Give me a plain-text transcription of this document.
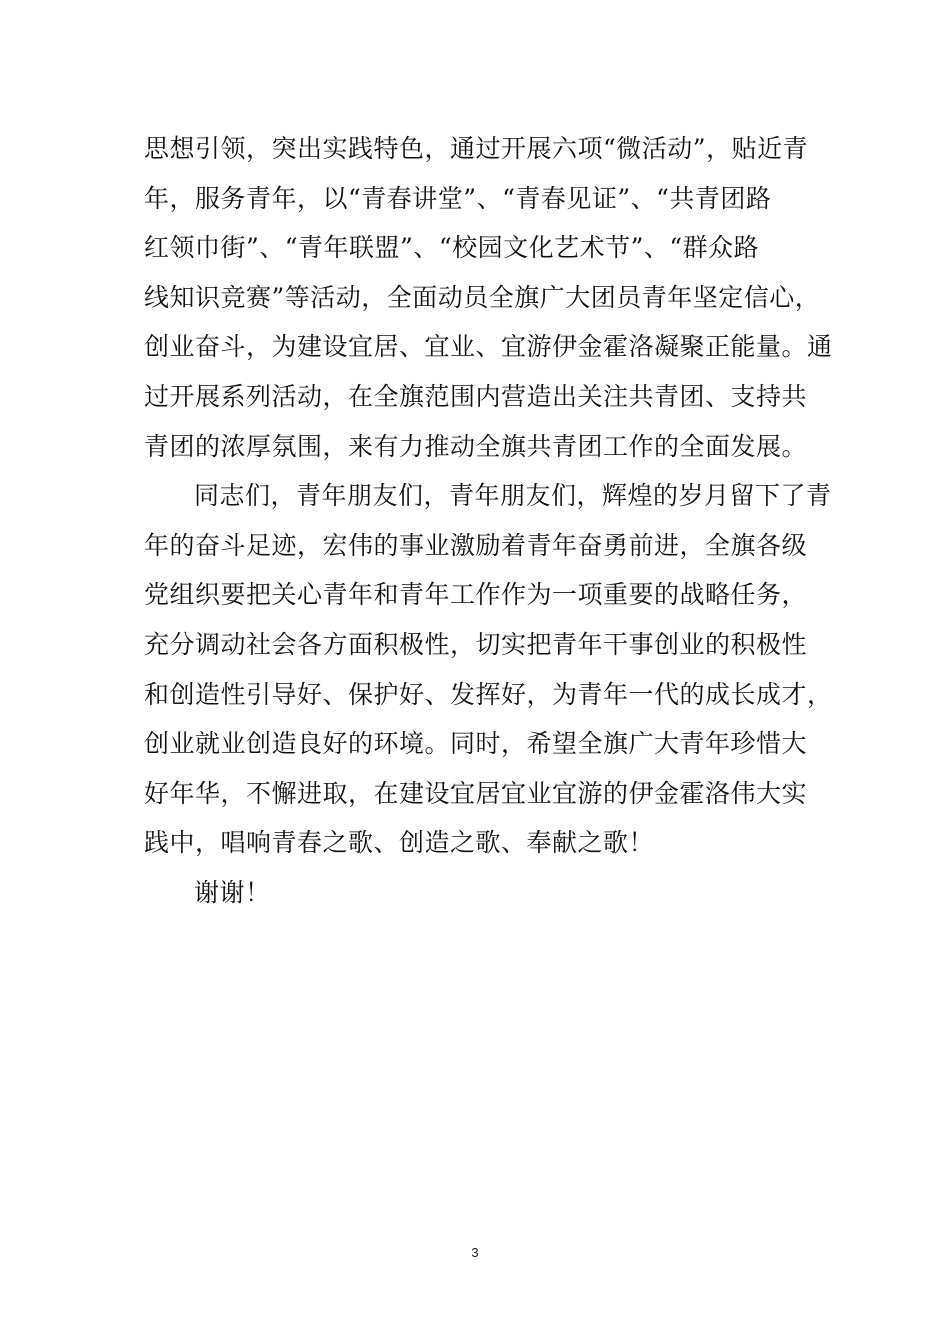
思想引领，突出实践特色，通过开展六项“微活动”，贴近青
年，服务青年，以“青春讲堂”、“青春见证”、“共青团路
红领巾街”、“青年联盟”、“校园文化艺术节”、“群众路
线知识竞赛”等活动，全面动员全旗广大团员青年坚定信心，
创业奋斗，为建设宜居、宜业、宜游伊金霍洛凝聚正能量。通
过开展系列活动，在全旗范围内营造出关注共青团、支持共
青团的浓厚氛围，来有力推动全旗共青团工作的全面发展。
同志们，青年朋友们，青年朋友们，辉煌的岁月留下了青
年的奋斗足迹，宏伟的事业激励着青年奋勇前进，全旗各级
党组织要把关心青年和青年工作作为一项重要的战略任务，
充分调动社会各方面积极性，切实把青年干事创业的积极性
和创造性引导好、保护好、发挥好，为青年一代的成长成才，
创业就业创造良好的环境。同时，希望全旗广大青年珍惜大
好年华，不懈进取，在建设宜居宜业宜游的伊金霍洛伟大实
践中，唱响青春之歌、创造之歌、奉献之歌！
谢谢！
3
